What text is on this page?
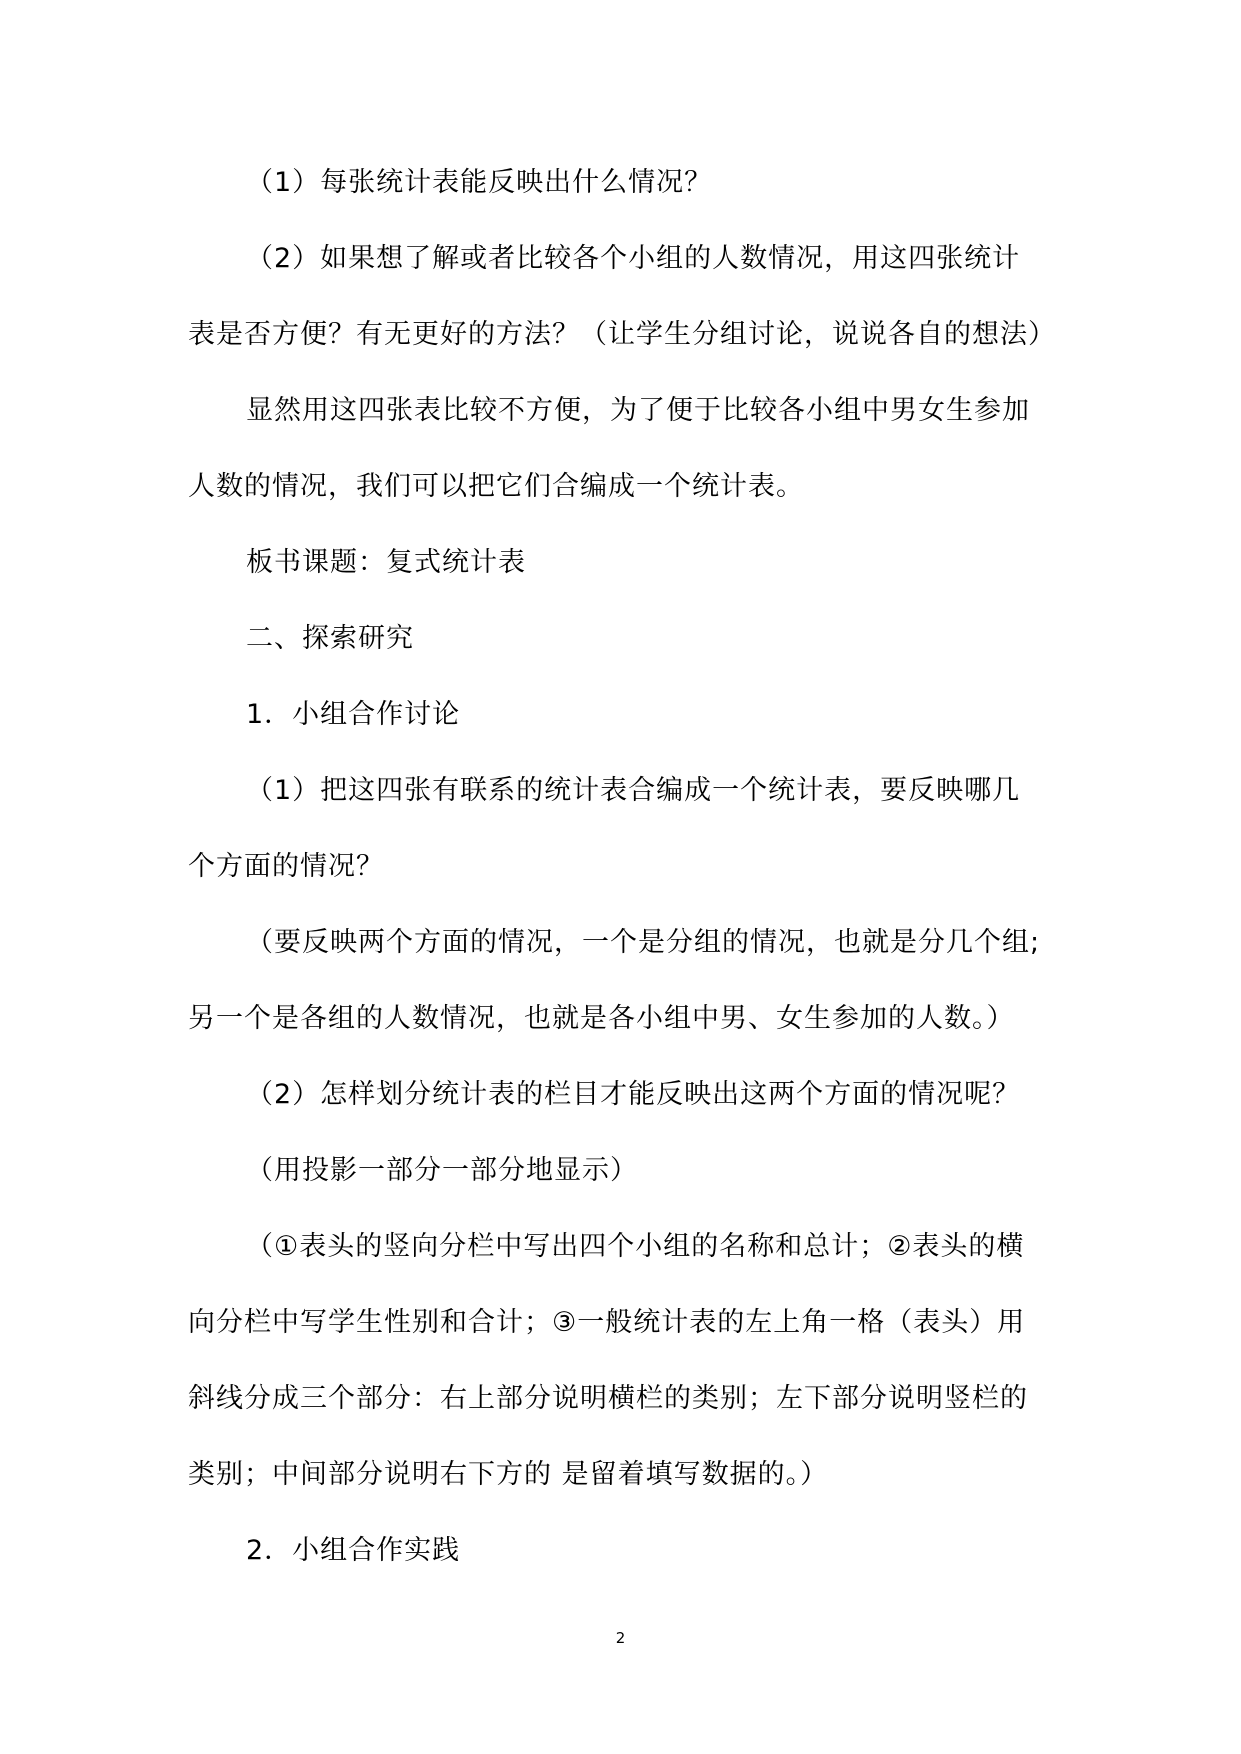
（1）每张统计表能反映出什么情况？

（2）如果想了解或者比较各个小组的人数情况，用这四张统计

表是否方便？有无更好的方法？（让学生分组讨论，说说各自的想法）

显然用这四张表比较不方便，为了便于比较各小组中男女生参加

人数的情况，我们可以把它们合编成一个统计表。

板书课题：复式统计表

二、探索研究

1．小组合作讨论

（1）把这四张有联系的统计表合编成一个统计表，要反映哪几

个方面的情况？

（要反映两个方面的情况，一个是分组的情况，也就是分几个组;

另一个是各组的人数情况，也就是各小组中男、女生参加的人数。）

（2）怎样划分统计表的栏目才能反映出这两个方面的情况呢？

（用投影一部分一部分地显示）

（①表头的竖向分栏中写出四个小组的名称和总计；②表头的横

向分栏中写学生性别和合计；③一般统计表的左上角一格（表头）用

斜线分成三个部分：右上部分说明横栏的类别；左下部分说明竖栏的

类别；中间部分说明右下方的 是留着填写数据的。）

2．小组合作实践

2
